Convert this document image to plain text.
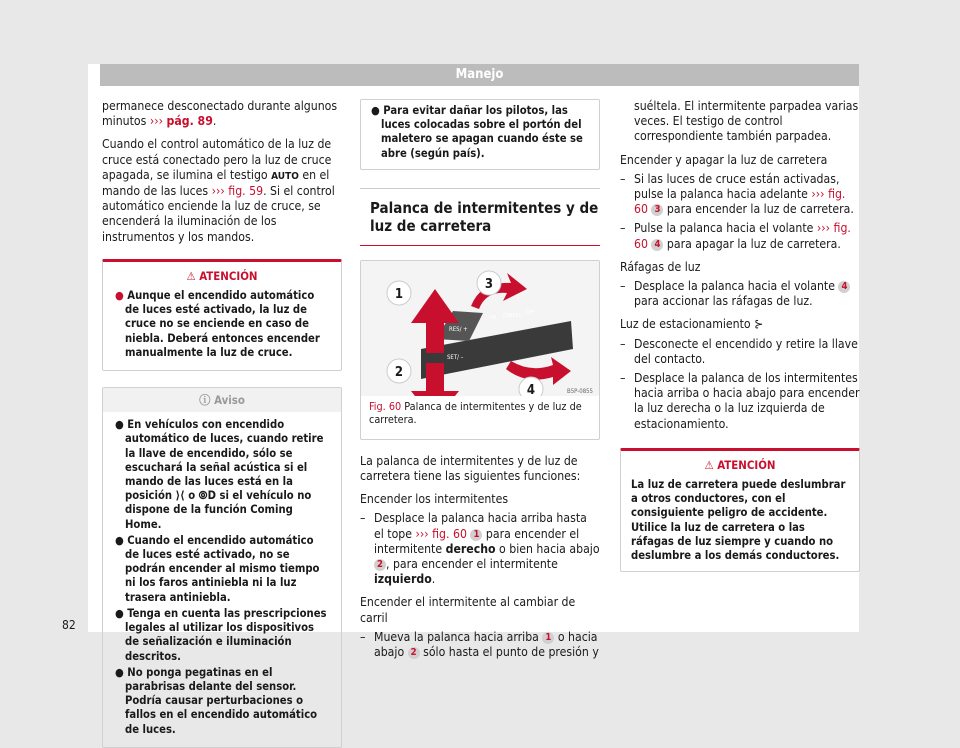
Manejo

permanece desconectado durante algunos minutos ››› pág. 89.

Cuando el control automático de la luz de cruce está conectado pero la luz de cruce apagada, se ilumina el testigo AUTO en el mando de las luces ››› fig. 59. Si el control automático enciende la luz de cruce, se encenderá la iluminación de los instrumentos y los mandos.

⚠ ATENCIÓN
● Aunque el encendido automático de luces esté activado, la luz de cruce no se enciende en caso de niebla. Deberá entonces encender manualmente la luz de cruce.
ⓘ Aviso
● En vehículos con encendido automático de luces, cuando retire la llave de encendido, sólo se escuchará la señal acústica si el mando de las luces está en la posición ⟩⟨ o ⦾D si el vehículo no dispone de la función Coming Home.
● Cuando el encendido automático de luces esté activado, no se podrán encender al mismo tiempo ni los faros antiniebla ni la luz trasera antiniebla.
● Tenga en cuenta las prescripciones legales al utilizar los dispositivos de señalización e iluminación descritos.
● No ponga pegatinas en el parabrisas delante del sensor. Podría causar perturbaciones o fallos en el encendido automático de luces.
● Para evitar dañar los pilotos, las luces colocadas sobre el portón del maletero se apagan cuando éste se abre (según país).
Palanca de intermitentes y de luz de carretera
ON CANCEL OFF
RES/ +
SET/ –
1
2
3
4	B5P-0855
Fig. 60 Palanca de intermitentes y de luz de carretera.

La palanca de intermitentes y de luz de carretera tiene las siguientes funciones:

Encender los intermitentes
– Desplace la palanca hacia arriba hasta el tope ››› fig. 60 1 para encender el intermitente derecho o bien hacia abajo 2 , para encender el intermitente izquierdo.
Encender el intermitente al cambiar de carril
– Mueva la palanca hacia arriba 1 o hacia abajo 2 sólo hasta el punto de presión y

suéltela. El intermitente parpadea varias veces. El testigo de control correspondiente también parpadea.

Encender y apagar la luz de carretera
– Si las luces de cruce están activadas, pulse la palanca hacia adelante ››› fig. 60 3 para encender la luz de carretera.
– Pulse la palanca hacia el volante ››› fig. 60 4 para apagar la luz de carretera.
Ráfagas de luz
– Desplace la palanca hacia el volante 4 para accionar las ráfagas de luz.
Luz de estacionamiento ⊱
– Desconecte el encendido y retire la llave del contacto.
– Desplace la palanca de los intermitentes hacia arriba o hacia abajo para encender la luz derecha o la luz izquierda de estacionamiento.
⚠ ATENCIÓN
La luz de carretera puede deslumbrar a otros conductores, con el consiguiente peligro de accidente. Utilice la luz de carretera o las ráfagas de luz siempre y cuando no deslumbre a los demás conductores.
82
